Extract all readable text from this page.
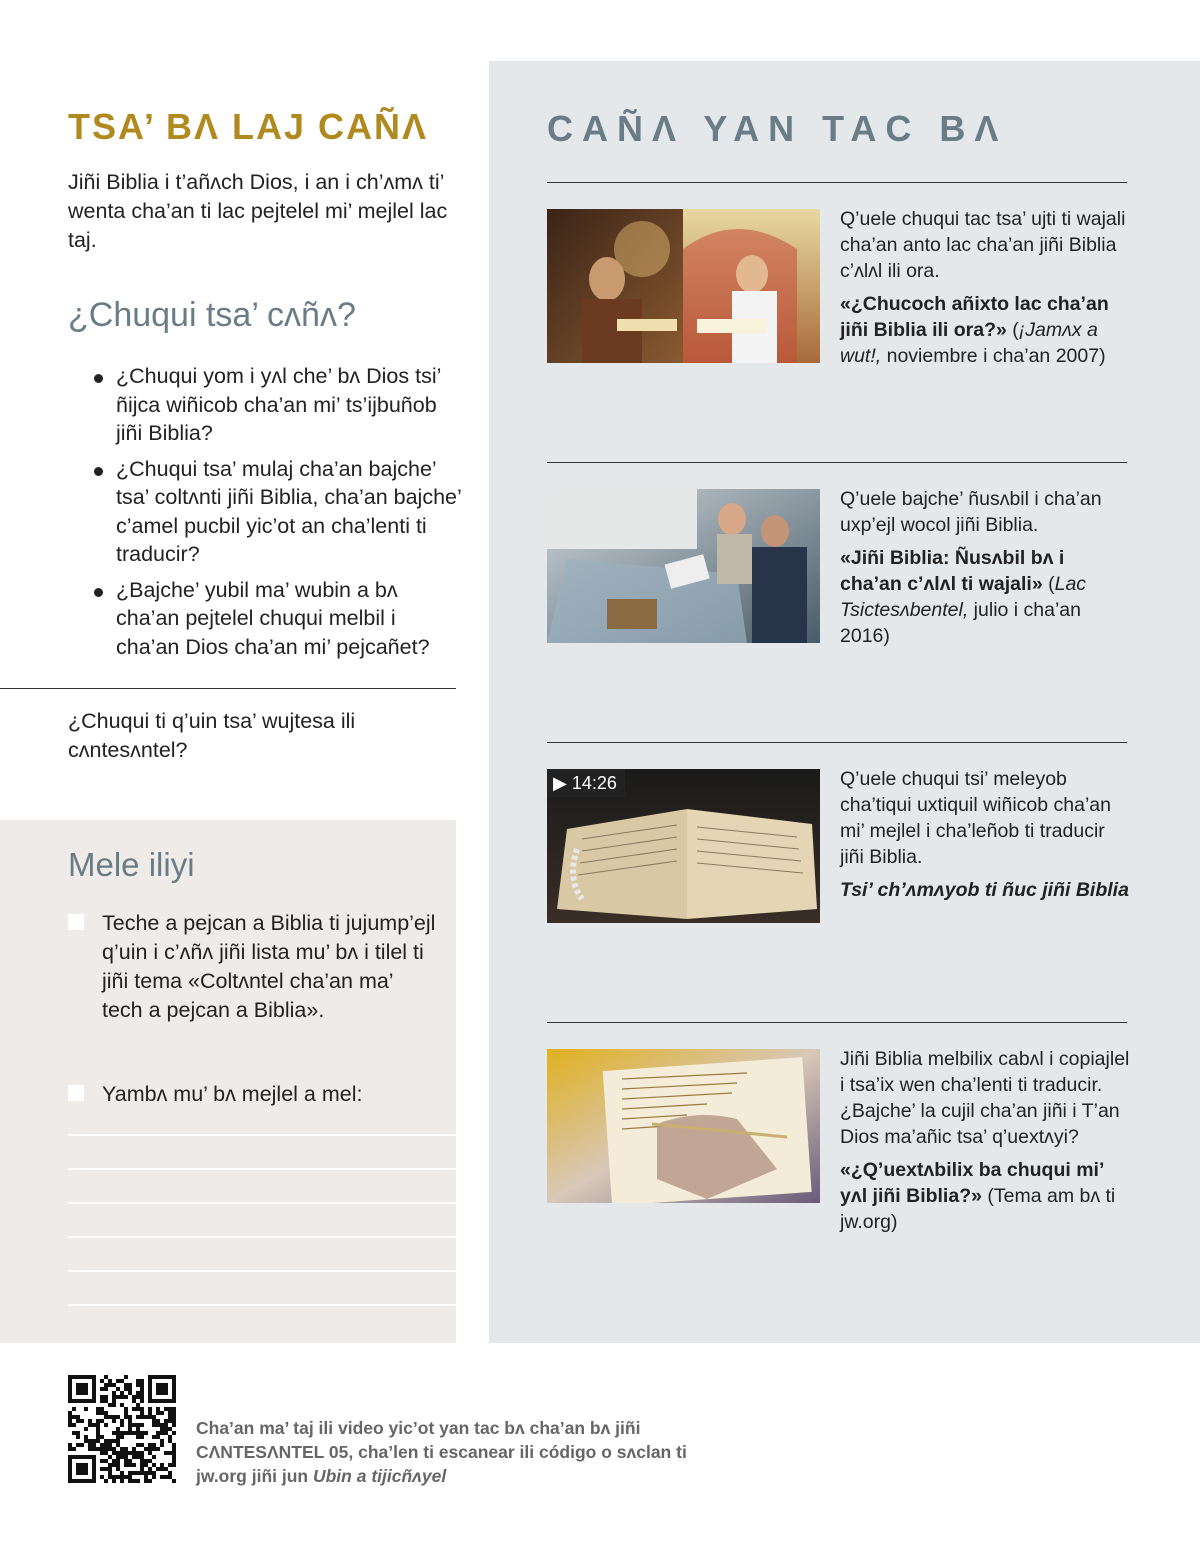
TSA’ BɅ LAJ CAÑɅ

Jiñi Biblia i t’añʌch Dios, i an i ch’ʌmʌ ti’ wenta cha’an ti lac pejtelel mi’ mejlel lac taj.

¿Chuqui tsa’ cʌñʌ?
¿Chuqui yom i yʌl che’ bʌ Dios tsi’ ñijca wiñicob cha’an mi’ ts’ijbuñob jiñi Biblia?
¿Chuqui tsa’ mulaj cha’an bajche’ tsa’ coltʌnti jiñi Biblia, cha’an bajche’ c’amel pucbil yic’ot an cha’lenti ti traducir?
¿Bajche’ yubil ma’ wubin a bʌ cha’an pejtelel chuqui melbil i cha’an Dios cha’an mi’ pejcañet?

¿Chuqui ti q’uin tsa’ wujtesa ili cʌntesʌntel?

Mele iliyi
Teche a pejcan a Biblia ti jujump’ejl q’uin i c’ʌñʌ jiñi lista mu’ bʌ i tilel ti jiñi tema «Coltʌntel cha’an ma’ tech a pejcan a Biblia».
Yambʌ mu’ bʌ mejlel a mel:
CAÑɅ YAN TAC BɅ

Q’uele chuqui tac tsa’ ujti ti wajali cha’an anto lac cha’an jiñi Biblia c’ʌlʌl ili ora.

«¿Chucoch añixto lac cha’an jiñi Biblia ili ora?» (¡Jamʌx a wut!, noviembre i cha’an 2007)

Q’uele bajche’ ñusʌbil i cha’an uxp’ejl wocol jiñi Biblia.

«Jiñi Biblia: Ñusʌbil bʌ i cha’an c’ʌlʌl ti wajali» (Lac Tsictesʌbentel, julio i cha’an 2016)

▶ 14:26	Q’uele chuqui tsi’ meleyob cha’tiqui uxtiquil wiñicob cha’an mi’ mejlel i cha’leñob ti traducir jiñi Biblia.

Tsi’ ch’ʌmʌyob ti ñuc jiñi Biblia

Jiñi Biblia melbilix cabʌl i copiajlel i tsa’ix wen cha’lenti ti traducir. ¿Bajche’ la cujil cha’an jiñi i T’an Dios ma’añic tsa’ q’uextʌyi?

«¿Q’uextʌbilix ba chuqui mi’ yʌl jiñi Biblia?» (Tema am bʌ ti jw.org)

Cha’an ma’ taj ili video yic’ot yan tac bʌ cha’an bʌ jiñi CɅNTESɅNTEL 05, cha’len ti escanear ili código o sʌclan ti jw.org jiñi jun Ubin a tijicñʌyel
